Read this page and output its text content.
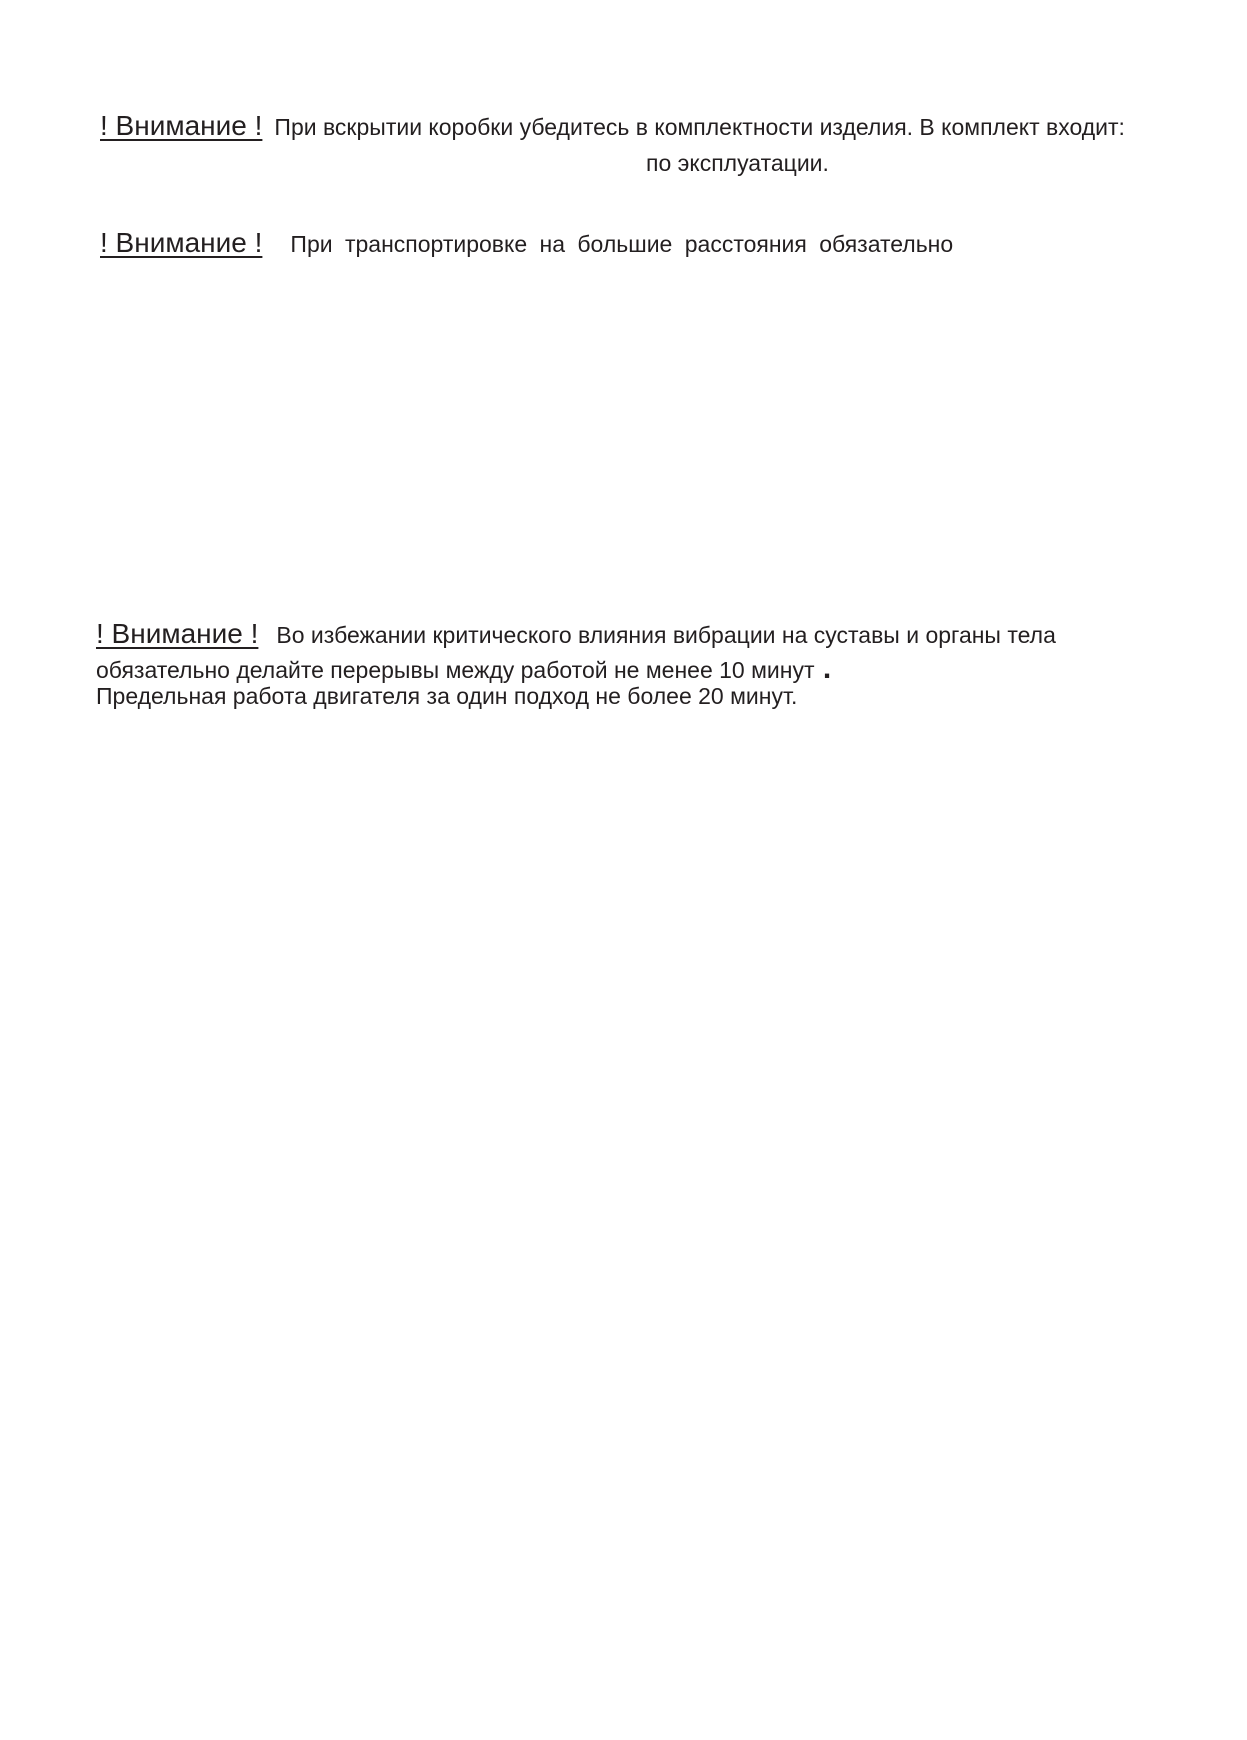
! Внимание ! При вскрытии коробки убедитесь в комплектности изделия. В комплект входит:
по эксплуатации.
! Внимание ! При транспортировке на большие расстояния обязательно
! Внимание ! Во избежании критического влияния вибрации на суставы и органы тела
обязательно делайте перерывы между работой не менее 10 минут .
Предельная работа двигателя за один подход не более 20 минут.
